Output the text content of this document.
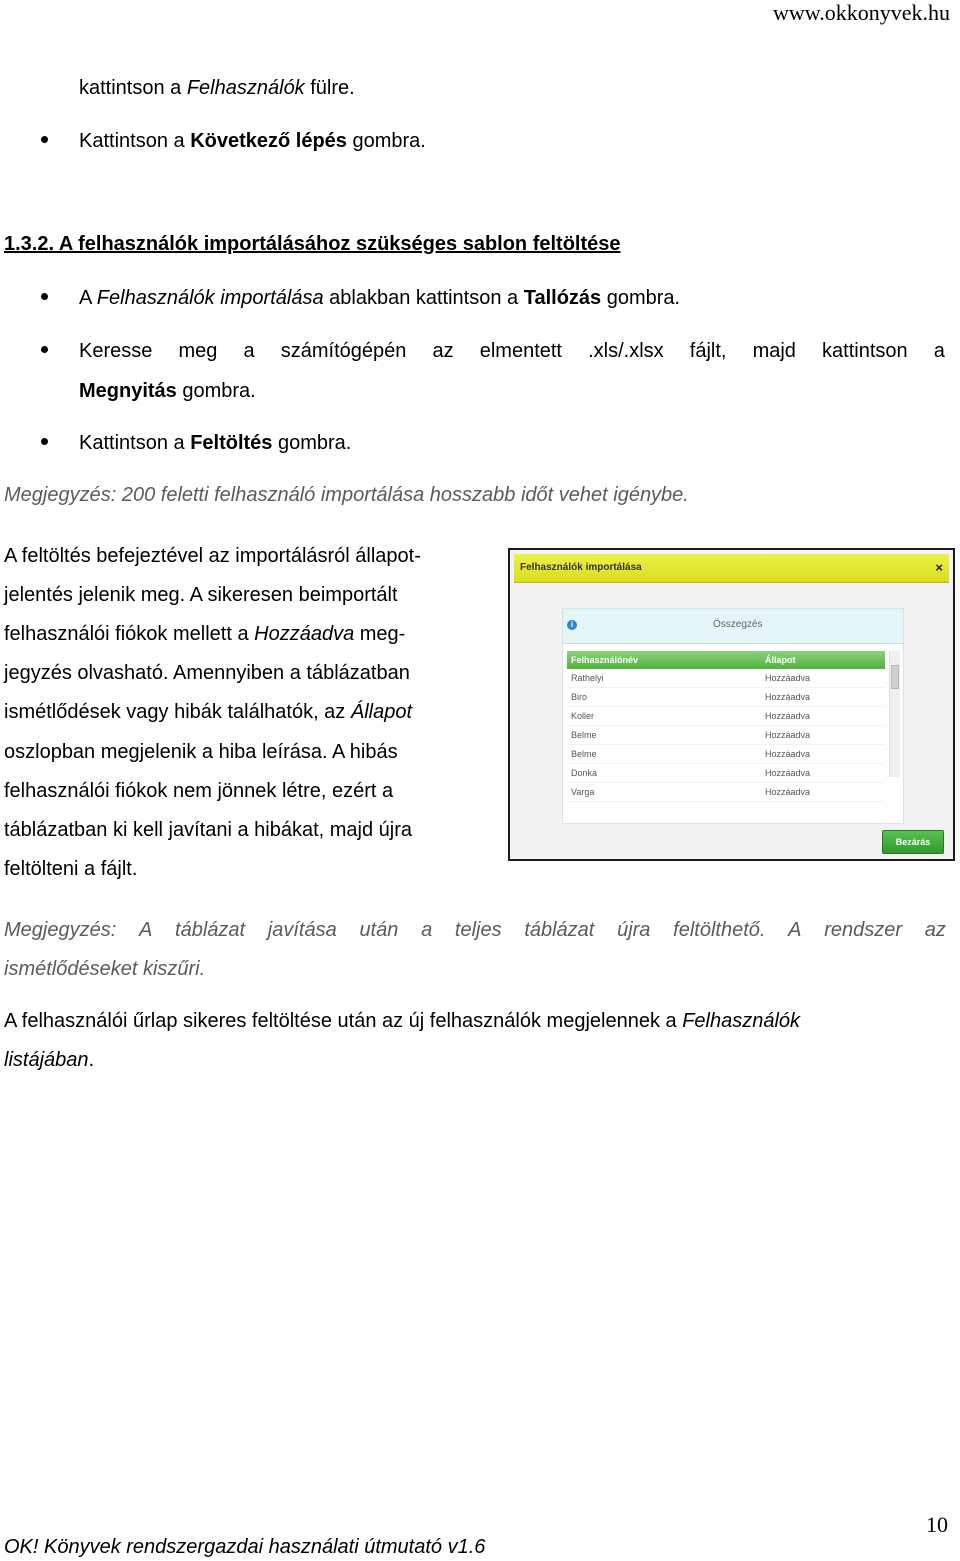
www.okkonyvek.hu
kattintson a Felhasználók fülre.
Kattintson a Következő lépés gombra.
1.3.2. A felhasználók importálásához szükséges sablon feltöltése
A Felhasználók importálása ablakban kattintson a Tallózás gombra.
Keresse meg a számítógépén az elmentett .xls/.xlsx fájlt, majd kattintson a
Megnyitás gombra.
Kattintson a Feltöltés gombra.
Megjegyzés: 200 feletti felhasználó importálása hosszabb időt vehet igénybe.
A feltöltés befejeztével az importálásról állapot-
jelentés jelenik meg. A sikeresen beimportált
felhasználói fiókok mellett a Hozzáadva meg-
jegyzés olvasható. Amennyiben a táblázatban
ismétlődések vagy hibák találhatók, az Állapot
oszlopban megjelenik a hiba leírása. A hibás
felhasználói fiókok nem jönnek létre, ezért a
táblázatban ki kell javítani a hibákat, majd újra
feltölteni a fájlt.
Felhasználók importálása	×
i	Összegzés
Felhasználónév	Állapot
Rathelyi	Hozzáadva
Biro	Hozzáadva
Koller	Hozzáadva
Belme	Hozzáadva
Belme	Hozzáadva
Donka	Hozzáadva
Varga	Hozzáadva
Bezárás
Megjegyzés: A táblázat javítása után a teljes táblázat újra feltölthető. A rendszer az
ismétlődéseket kiszűri.
A felhasználói űrlap sikeres feltöltése után az új felhasználók megjelennek a Felhasználók
listájában.
10
OK! Könyvek rendszergazdai használati útmutató v1.6
